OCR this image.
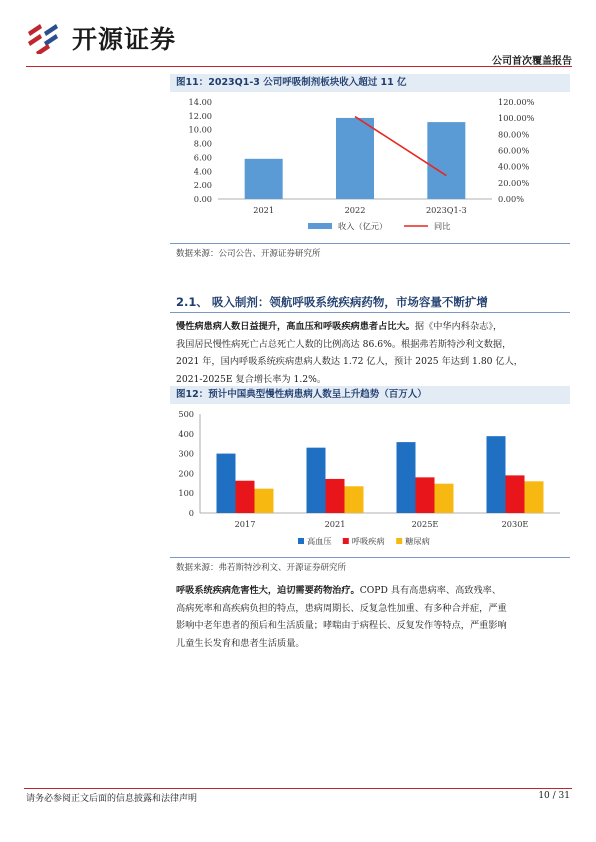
开源证券
公司首次覆盖报告
图11：2023Q1-3 公司呼吸制剂板块收入超过 11 亿
14.00
12.00
10.00
8.00
6.00
4.00
2.00
0.00
120.00%
100.00%
80.00%
60.00%
40.00%
20.00%
0.00%
2021	2022	2023Q1-3
收入（亿元）	同比
数据来源：公司公告、开源证券研究所
2.1、 吸入制剂：领航呼吸系统疾病药物，市场容量不断扩增
慢性病患病人数日益提升，高血压和呼吸疾病患者占比大。据《中华内科杂志》，
我国居民慢性病死亡占总死亡人数的比例高达 86.6%。根据弗若斯特沙利文数据，
2021 年，国内呼吸系统疾病患病人数达 1.72 亿人，预计 2025 年达到 1.80 亿人，
2021-2025E 复合增长率为 1.2%。
图12：预计中国典型慢性病患病人数呈上升趋势（百万人）
500
400
300
200
100
0
2017	2021	2025E	2030E
高血压 呼吸疾病	糖尿病
数据来源：弗若斯特沙利文、开源证券研究所
呼吸系统疾病危害性大，迫切需要药物治疗。COPD 具有高患病率、高致残率、
高病死率和高疾病负担的特点，患病周期长、反复急性加重、有多种合并症，严重
影响中老年患者的预后和生活质量；哮喘由于病程长、反复发作等特点，严重影响
儿童生长发育和患者生活质量。
请务必参阅正文后面的信息披露和法律声明	10 / 31
